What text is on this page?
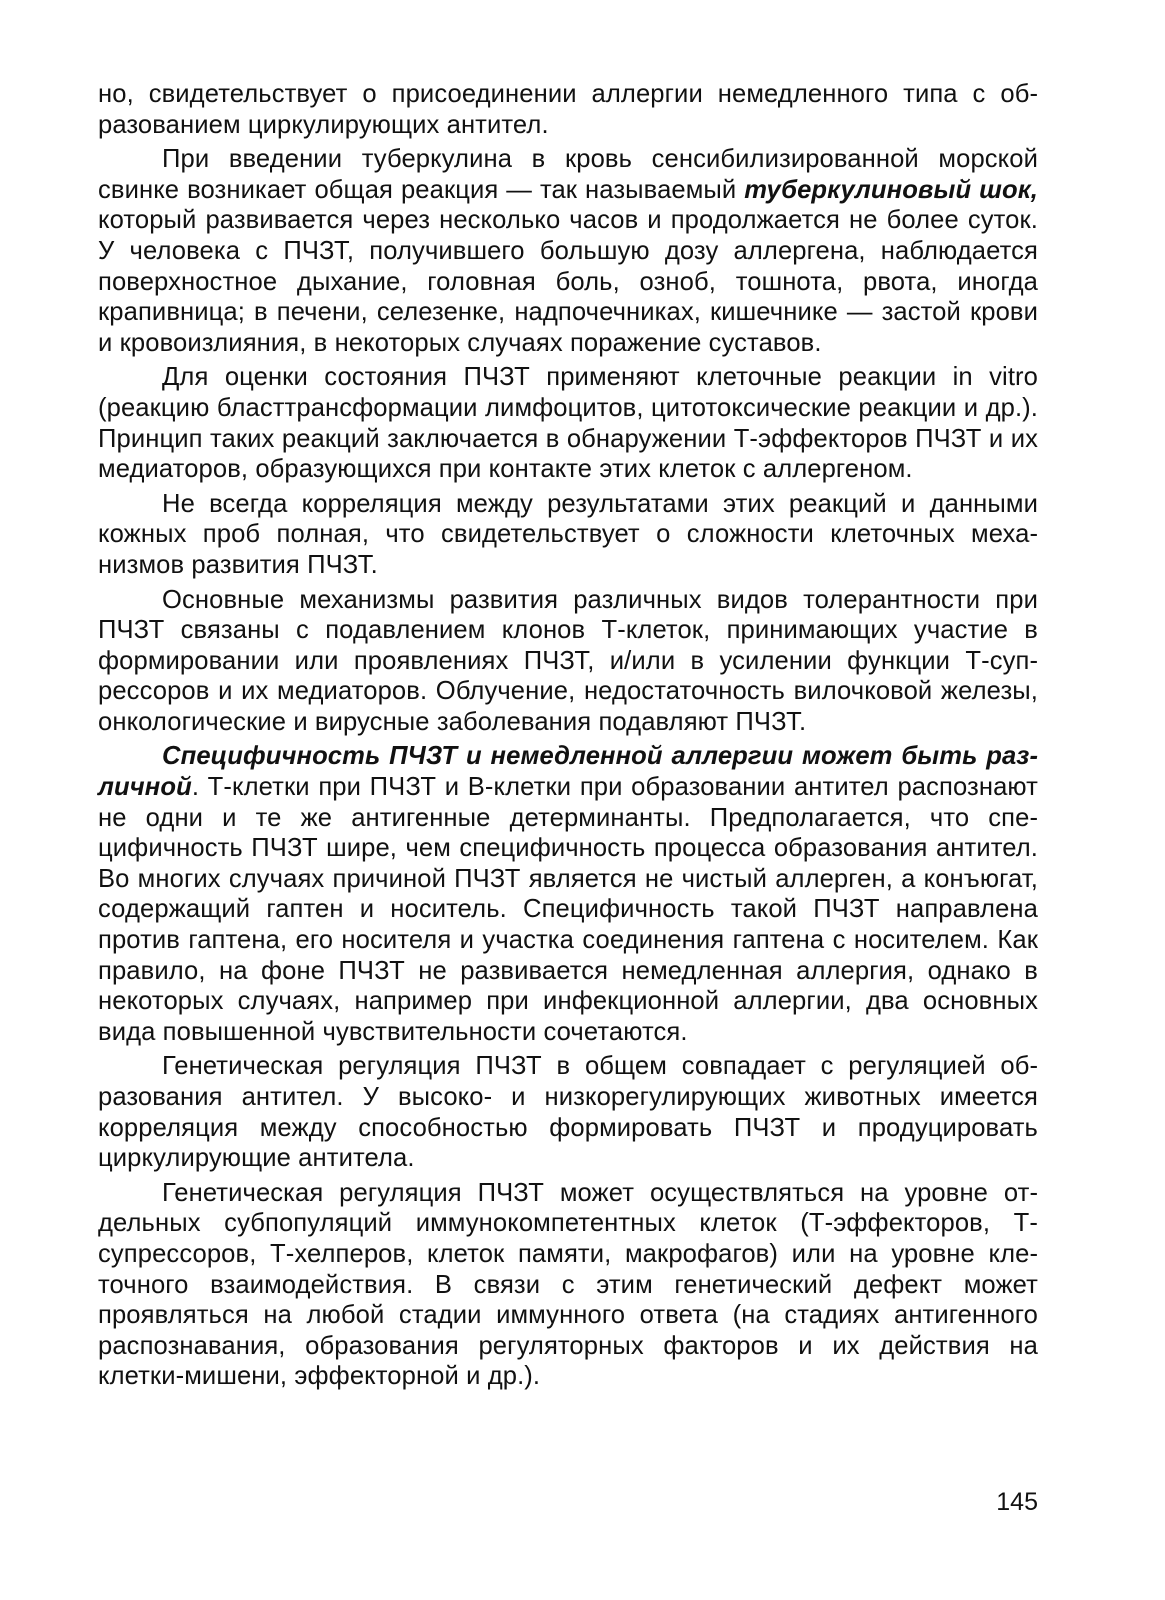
но, свидетельствует о присоединении аллергии немедленного типа с образованием циркулирующих антител.

При введении туберкулина в кровь сенсибилизированной морской свинке возникает общая реакция — так называемый туберкулиновый шок, который развивается через несколько часов и продолжается не более суток. У человека с ПЧЗТ, получившего большую дозу аллергена, наблюдается поверхностное дыхание, головная боль, озноб, тошнота, рвота, иногда крапивница; в печени, селезенке, надпочечниках, кишечнике — застой крови и кровоизлияния, в некоторых случаях поражение суставов.

Для оценки состояния ПЧЗТ применяют клеточные реакции in vitro (реакцию бласттрансформации лимфоцитов, цитотоксические реакции и др.). Принцип таких реакций заключается в обнаружении Т-эффекторов ПЧЗТ и их медиаторов, образующихся при контакте этих клеток с аллергеном.

Не всегда корреляция между результатами этих реакций и данными кожных проб полная, что свидетельствует о сложности клеточных механизмов развития ПЧЗТ.

Основные механизмы развития различных видов толерантности при ПЧЗТ связаны с подавлением клонов Т-клеток, принимающих участие в формировании или проявлениях ПЧЗТ, и/или в усилении функции Т-супрессоров и их медиаторов. Облучение, недостаточность вилочковой железы, онкологические и вирусные заболевания подавляют ПЧЗТ.

Специфичность ПЧЗТ и немедленной аллергии может быть различной. Т-клетки при ПЧЗТ и В-клетки при образовании антител распознают не одни и те же антигенные детерминанты. Предполагается, что специфичность ПЧЗТ шире, чем специфичность процесса образования антител. Во многих случаях причиной ПЧЗТ является не чистый аллерген, а конъюгат, содержащий гаптен и носитель. Специфичность такой ПЧЗТ направлена против гаптена, его носителя и участка соединения гаптена с носителем. Как правило, на фоне ПЧЗТ не развивается немедленная аллергия, однако в некоторых случаях, например при инфекционной аллергии, два основных вида повышенной чувствительности сочетаются.

Генетическая регуляция ПЧЗТ в общем совпадает с регуляцией образования антител. У высоко- и низкорегулирующих животных имеется корреляция между способностью формировать ПЧЗТ и продуцировать циркулирующие антитела.

Генетическая регуляция ПЧЗТ может осуществляться на уровне отдельных субпопуляций иммунокомпетентных клеток (Т-эффекторов, Т-супрессоров, Т-хелперов, клеток памяти, макрофагов) или на уровне клеточного взаимодействия. В связи с этим генетический дефект может проявляться на любой стадии иммунного ответа (на стадиях антигенного распознавания, образования регуляторных факторов и их действия на клетки-мишени, эффекторной и др.).

145
